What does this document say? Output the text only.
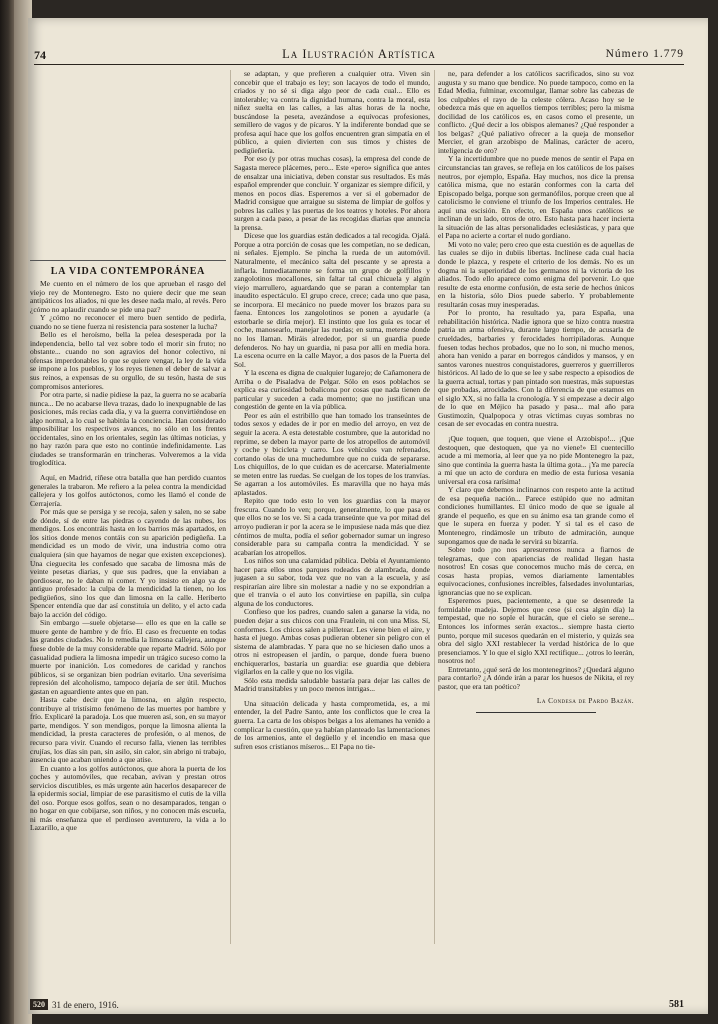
74	La Ilustración Artística	Número 1.779
LA VIDA CONTEMPORÁNEA

Me cuento en el número de los que aprueban el rasgo del viejo rey de Montenegro. Esto no quiere decir que me sean antipáticos los aliados, ni que les desee nada malo, al revés. Pero ¿cómo no aplaudir cuando se pide una paz?

Y ¿cómo no reconocer el mero buen sentido de pedirla, cuando no se tiene fuerza ni resistencia para sostener la lucha?

Bello es el heroísmo, bella la pelea desesperada por la independencia, bello tal vez sobre todo el morir sin fruto; no obstante... cuando no son agravios del honor colectivo, ni ofensas imperdonables lo que se quiere vengar, la ley de la vida se impone a los pueblos, y los reyes tienen el deber de salvar a sus reinos, a expensas de su orgullo, de su tesón, hasta de sus compromisos anteriores.

Por otra parte, si nadie pidiese la paz, la guerra no se acabaría nunca... De no acabarse lleva trazas, dado lo inexpugnable de las posiciones, más recias cada día, y va la guerra convirtiéndose en algo normal, a lo cual se habitúa la conciencia. Han considerado imposibilitar los respectivos avances, no sólo en los frentes occidentales, sino en los orientales, según las últimas noticias, y no hay razón para que esto no continúe indefinidamente. Las ciudades se transformarán en trincheras. Volveremos a la vida troglodítica.

Aquí, en Madrid, ríñese otra batalla que han perdido cuantos generales la trabaron. Me refiero a la pelea contra la mendicidad callejera y los golfos autóctonos, como les llamó el conde de Cerrajería.

Por más que se persiga y se recoja, salen y salen, no se sabe de dónde, sí de entre las piedras o cayendo de las nubes, los mendigos. Los encontráis hasta en los barrios más apartados, en los sitios donde menos contáis con su aparición pedigüeña. La mendicidad es un modo de vivir, una industria como otra cualquiera (sin que hayamos de negar que existen excepciones). Una cieguecita les confesado que sacaba de limosna más de veinte pesetas diarias, y que sus padres, que la enviaban a pordiosear, no le daban ni comer. Y yo insisto en algo ya de antiguo profesado: la culpa de la mendicidad la tienen, no los pedigüeños, sino los que dan limosna en la calle. Heriberto Spencer entendía que dar así constituía un delito, y el acto cada bajo la acción del código.

Sin embargo —suele objetarse— ello es que en la calle se muere gente de hambre y de frío. El caso es frecuente en todas las grandes ciudades. No lo remedia la limosna callejera, aunque fuese doble de la muy considerable que reparte Madrid. Sólo por casualidad pudiera la limosna impedir un trágico suceso como la muerte por inanición. Los comedores de caridad y ranchos públicos, si se organizan bien podrían evitarlo. Una severísima represión del alcoholismo, tampoco dejaría de ser útil. Muchos gastan en aguardiente antes que en pan.

Hasta cabe decir que la limosna, en algún respecto, contribuye al tristísimo fenómeno de las muertes por hambre y frío. Explicaré la paradoja. Los que mueren así, son, en su mayor parte, mendigos. Y son mendigos, porque la limosna alienta la mendicidad, la presta caracteres de profesión, o al menos, de recurso para vivir. Cuando el recurso falla, vienen las terribles crujías, los días sin pan, sin asilo, sin calor, sin abrigo ni trabajo, ausencia que acaban uniendo a que atise.

En cuanto a los golfos autóctonos, que ahora la puerta de los coches y automóviles, que recaban, avivan y prestan otros servicios discutibles, es más urgente aún hacerlos desaparecer de la epidermis social, limpiar de ese parasitismo el cutis de la villa del oso. Porque esos golfos, sean o no desamparados, tengan o no hogar en que cobijarse, son niños, y no conocen más escuela, ni más enseñanza que el perdioseo aventurero, la vida a lo Lazarillo, a que

se adaptan, y que prefieren a cualquier otra. Viven sin concebir que el trabajo es ley; son lacayos de todo el mundo, criados y no sé si diga algo peor de cada cual... Ello es intolerable; va contra la dignidad humana, contra la moral, esta niñez suelta en las calles, a las altas horas de la noche, buscándose la peseta, avezándose a equívocas profesiones, semillero de vagos y de pícaros. Y la indiferente bondad que se profesa aquí hace que los golfos encuentren gran simpatía en el público, a quien divierten con sus timos y chistes de pedigüeñería.

Por eso (y por otras muchas cosas), la empresa del conde de Sagasta merece plácemes, pero... Este «pero» significa que antes de ensalzar una iniciativa, deben constar sus resultados. Es más español emprender que concluir. Y organizar es siempre difícil, y menos en pocos días. Esperemos a ver si el gobernador de Madrid consigue que arraigue su sistema de limpiar de golfos y pobres las calles y las puertas de los teatros y hoteles. Por ahora surgen a cada paso, a pesar de las recogidas diarias que anuncia la prensa.

Dícese que los guardias están dedicados a tal recogida. Ojalá. Porque a otra porción de cosas que les competían, no se dedican, ni señales. Ejemplo. Se pincha la rueda de un automóvil. Naturalmente, el mecánico salta del pescante y se apresta a inflarla. Inmediatamente se forma un grupo de golfillos y zangolotinos mocallones, sin faltar tal cual chicuela y algún viejo marrullero, aguardando que se paran a contemplar tan inaudito espectáculo. El grupo crece, crece; cada uno que pasa, se incorpora. El mecánico no puede mover los brazos para su faena. Entonces los zangolotinos se ponen a ayudarle (a estorbarle se diría mejor). El instinto que los guía es tocar el coche, manosearlo, manejar las ruedas; en suma, meterse donde no los llaman. Miráis alrededor, por si un guardia puede defenderos. No hay un guardia, ni pasa por allí en media hora. La escena ocurre en la calle Mayor, a dos pasos de la Puerta del Sol.

Y la escena es digna de cualquier lugarejo; de Cañamonera de Arriba o de Pisaladva de Pelgar. Sólo en esos poblachos se explica esa curiosidad bobalicona por cosas que nada tienen de particular y suceden a cada momento; que no justifican una congestión de gente en la vía pública.

Peor es aún el estribillo que han tomado los transeúntes de todos sexos y edades de ir por en medio del arroyo, en vez de seguir la acera. A esta detestable costumbre, que la autoridad no reprime, se deben la mayor parte de los atropellos de automóvil y coche y bicicleta y carro. Los vehículos van refrenados, cortando olas de una muchedumbre que no cuida de separarse. Los chiquillos, de lo que cuidan es de acercarse. Materialmente se meten entre las ruedas. Se cuelgan de los topes de los tranvías. Se agarran a los automóviles. Es maravilla que no haya más aplastados.

Repito que todo esto lo ven los guardias con la mayor frescura. Cuando lo ven; porque, generalmente, lo que pasa es que ellos no se los ve. Si a cada transeúnte que va por mitad del arroyo pudieran ir por la acera se le impusiese nada más que diez céntimos de multa, podía el señor gobernador sumar un ingreso considerable para su campaña contra la mendicidad. Y se acabarían los atropellos.

Los niños son una calamidad pública. Debía el Ayuntamiento hacer para ellos unos parques rodeados de alambrada, donde jugasen a su sabor, toda vez que no van a la escuela, y así respirarían aire libre sin molestar a nadie y no se expondrían a que el tranvía o el auto los convirtiese en papilla, sin culpa alguna de los conductores.

Confieso que los padres, cuando salen a ganarse la vida, no pueden dejar a sus chicos con una Fraulein, ni con una Miss. Sí, conformes. Los chicos salen a pilletear. Les viene bien el aire, y hasta el juego. Ambas cosas pudieran obtener sin peligro con el sistema de alambradas. Y para que no se hiciesen daño unos a otros ni estropeasen el jardín, o parque, donde fuera bueno enchiquerarlos, bastaría un guardia: ese guardia que debiera vigilarlos en la calle y que no los vigila.

Sólo esta medida saludable bastaría para dejar las calles de Madrid transitables y un poco menos intrigas...

Una situación delicada y hasta comprometida, es, a mi entender, la del Padre Santo, ante los conflictos que le crea la guerra. La carta de los obispos belgas a los alemanes ha venido a complicar la cuestión, que ya habían planteado las lamentaciones de los armenios, ante el degüello y el incendio en masa que sufren esos cristianos míseros... El Papa no tie-

ne, para defender a los católicos sacrificados, sino su voz augusta y su mano que bendice. No puede tampoco, como en la Edad Media, fulminar, excomulgar, llamar sobre las cabezas de los culpables el rayo de la celeste cólera. Acaso hoy se le obedezca más que en aquellos tiempos terribles; pero la misma docilidad de los católicos es, en casos como el presente, un conflicto. ¿Qué decir a los obispos alemanes? ¿Qué responder a los belgas? ¿Qué paliativo ofrecer a la queja de monseñor Mercier, el gran arzobispo de Malinas, carácter de acero, inteligencia de oro?

Y la incertidumbre que no puede menos de sentir el Papa en circunstancias tan graves, se refleja en los católicos de los países neutros, por ejemplo, España. Hay muchos, nos dice la prensa católica misma, que no estarán conformes con la carta del Episcopado belga, porque son germanófilos, porque creen que al catolicismo le conviene el triunfo de los Imperios centrales. He aquí una escisión. En efecto, en España unos católicos se inclinan de un lado, otros de otro. Esto hasta para hacer incierta la situación de las altas personalidades eclesiásticas, y para que el Papa no acierte a cortar el nudo gordiano.

Mi voto no vale; pero creo que esta cuestión es de aquellas de las cuales se dijo in dubiis libertas. Inclínese cada cual hacia donde le plazca, y respete el criterio de los demás. No es un dogma ni la superioridad de los germanos ni la victoria de los aliados. Todo ello aparece como enigma del porvenir. Lo que resulte de esta enorme confusión, de esta serie de hechos únicos en la historia, sólo Dios puede saberlo. Y probablemente resultarán cosas muy inesperadas.

Por lo pronto, ha resultado ya, para España, una rehabilitación histórica. Nadie ignora que se hizo contra nuestra patria un arma ofensiva, durante largo tiempo, de acusarla de crueldades, barbaries y ferocidades horripiladoras. Aunque fuesen todas hechos probados, que no lo son, ni mucho menos, ahora han venido a parar en borregos cándidos y mansos, y en santos varones nuestros conquistadores, guerreros y guerrilleros históricos. Al lado de lo que se lee y sabe respecto a episodios de la guerra actual, tortas y pan pintado son nuestras, más supuestas que probadas, atrocidades. Con la diferencia de que estamos en el siglo XX, si no falla la cronología. Y si empezase a decir algo de lo que en Méjico ha pasado y pasa... mal año para Gustimozín, Qualpopoca y otras víctimas cuyas sombras no cesan de ser evocadas en contra nuestra.

¡Que toquen, que toquen, que viene el Arzobispo!... ¡Que destoquen, que destoquen, que ya no viene!» El cuentecillo acude a mi memoria, al leer que ya no pide Montenegro la paz, sino que continúa la guerra hasta la última gota... ¡Ya me parecía a mí que un acto de cordura en medio de esta furiosa vesania universal era cosa rarísima!

Y claro que debemos inclinarnos con respeto ante la actitud de esa pequeña nación... Parece estúpido que no admitan condiciones humillantes. El único modo de que se iguale al grande el pequeño, es que en su ánimo esa tan grande como el que le supera en fuerza y poder. Y si tal es el caso de Montenegro, rindámosle un tributo de admiración, aunque supongamos que de nada le servirá su bizarría.

Sobre todo ¡no nos apresuremos nunca a fiarnos de telegramas, que con apariencias de realidad llegan hasta nosotros! En cosas que conocemos mucho más de cerca, en cosas hasta propias, vemos diariamente lamentables equivocaciones, confusiones increíbles, falsedades involuntarias, ignorancias que no se explican.

Esperemos pues, pacientemente, a que se desenrede la formidable madeja. Dejemos que cese (si cesa algún día) la tempestad, que no sople el huracán, que el cielo se serene... Entonces los informes serán exactos... siempre hasta cierto punto, porque mil sucesos quedarán en el misterio, y quizás sea obra del siglo XXI restablecer la verdad histórica de lo que presenciamos. Y lo que el siglo XXI rectifique... ¿otros lo leerán, nosotros no!

Entretanto, ¿qué será de los montenegrinos? ¿Quedará alguno para contarlo? ¿A dónde irán a parar los huesos de Nikita, el rey pastor, que era tan poético?

La Condesa de Pardo Bazán.
520 31 de enero, 1916.	581
